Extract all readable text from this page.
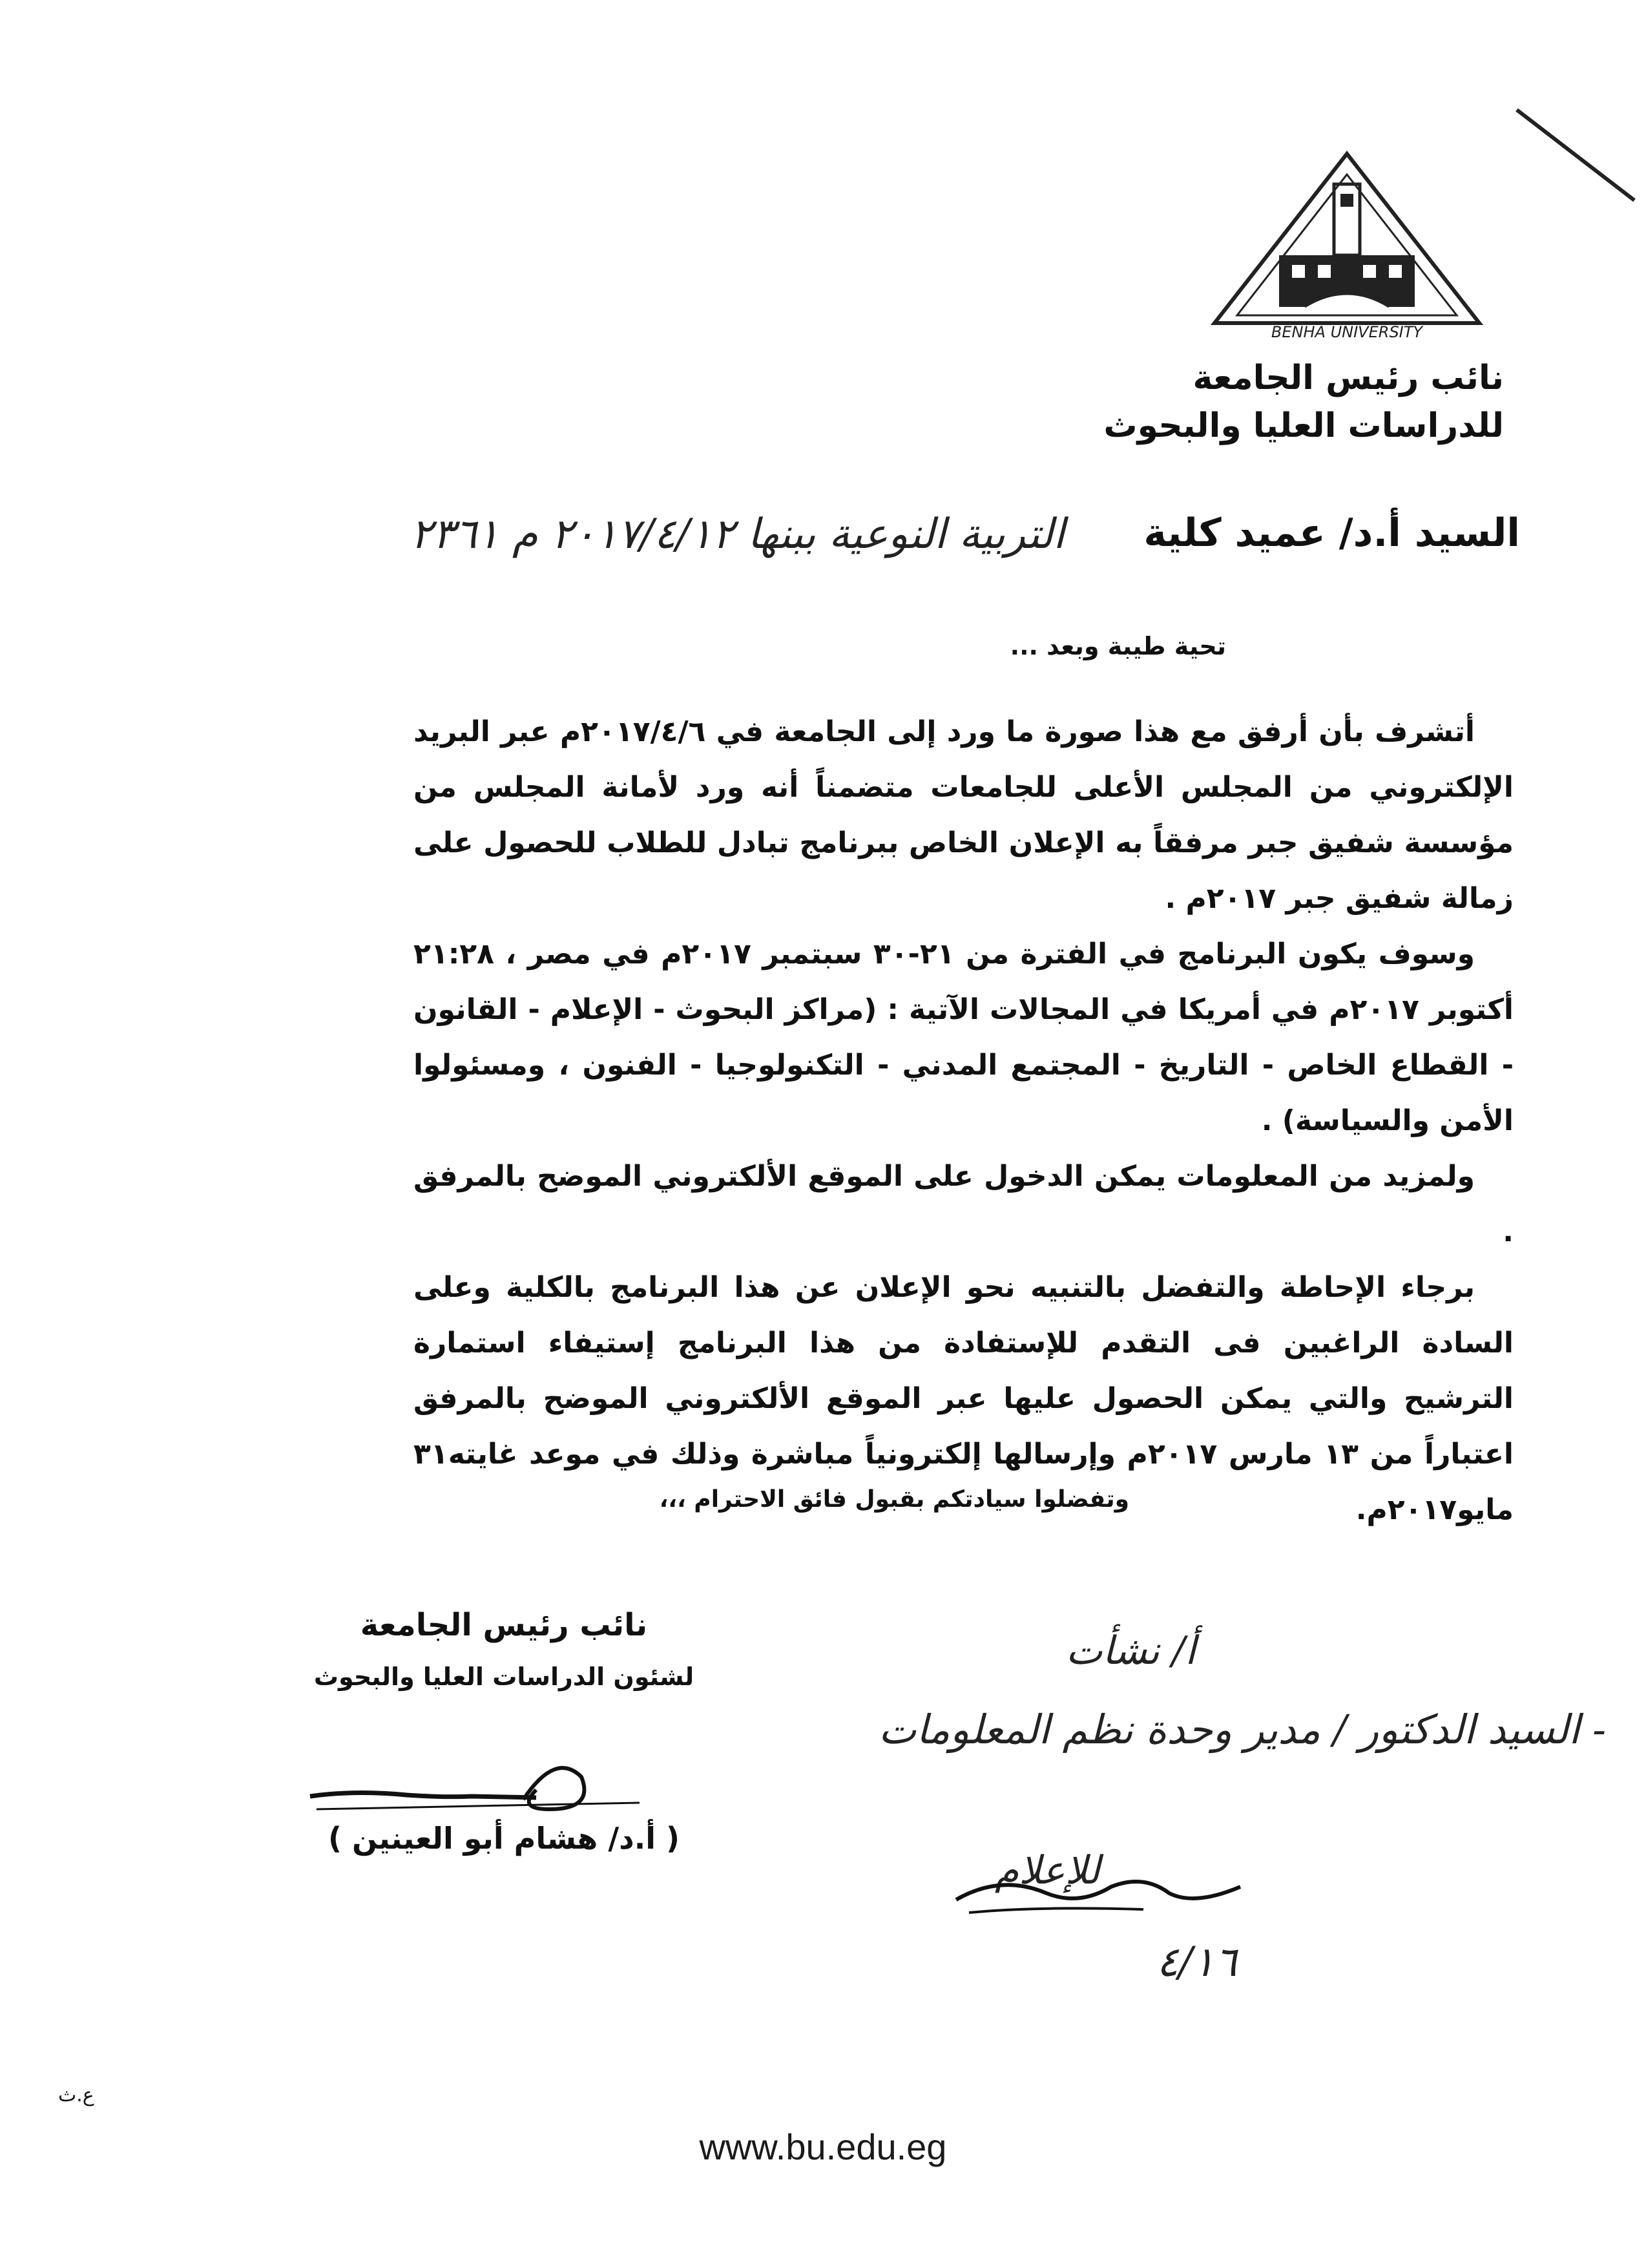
BENHA UNIVERSITY
نائب رئيس الجامعة
للدراسات العليا والبحوث
السيد أ.د/ عميد كلية
التربية النوعية ببنها ٢٠١٧/٤/١٢ م ٢٣٦١
تحية طيبة وبعد ...

أتشرف بأن أرفق مع هذا صورة ما ورد إلى الجامعة في ٢٠١٧/٤/٦م عبر البريد الإلكتروني من المجلس الأعلى للجامعات متضمناً أنه ورد لأمانة المجلس من مؤسسة شفيق جبر مرفقاً به الإعلان الخاص ببرنامج تبادل للطلاب للحصول على زمالة شفيق جبر ٢٠١٧م .

وسوف يكون البرنامج في الفترة من ٢١-٣٠ سبتمبر ٢٠١٧م في مصر ، ٢١:٢٨ أكتوبر ٢٠١٧م في أمريكا في المجالات الآتية : (مراكز البحوث - الإعلام - القانون - القطاع الخاص - التاريخ - المجتمع المدني - التكنولوجيا - الفنون ، ومسئولوا الأمن والسياسة) .

ولمزيد من المعلومات يمكن الدخول على الموقع الألكتروني الموضح بالمرفق .

برجاء الإحاطة والتفضل بالتنبيه نحو الإعلان عن هذا البرنامج بالكلية وعلى السادة الراغبين فى التقدم للإستفادة من هذا البرنامج إستيفاء استمارة الترشيح والتي يمكن الحصول عليها عبر الموقع الألكتروني الموضح بالمرفق اعتباراً من ١٣ مارس ٢٠١٧م وإرسالها إلكترونياً مباشرة وذلك في موعد غايته٣١ مايو٢٠١٧م.

وتفضلوا سيادتكم بقبول فائق الاحترام ،،،
نائب رئيس الجامعة
لشئون الدراسات العليا والبحوث
( أ.د/ هشام أبو العينين )
أ/ نشأت
- السيد الدكتور / مدير وحدة نظم المعلومات
للإعلام
٤/١٦
ع.ث
www.bu.edu.eg
